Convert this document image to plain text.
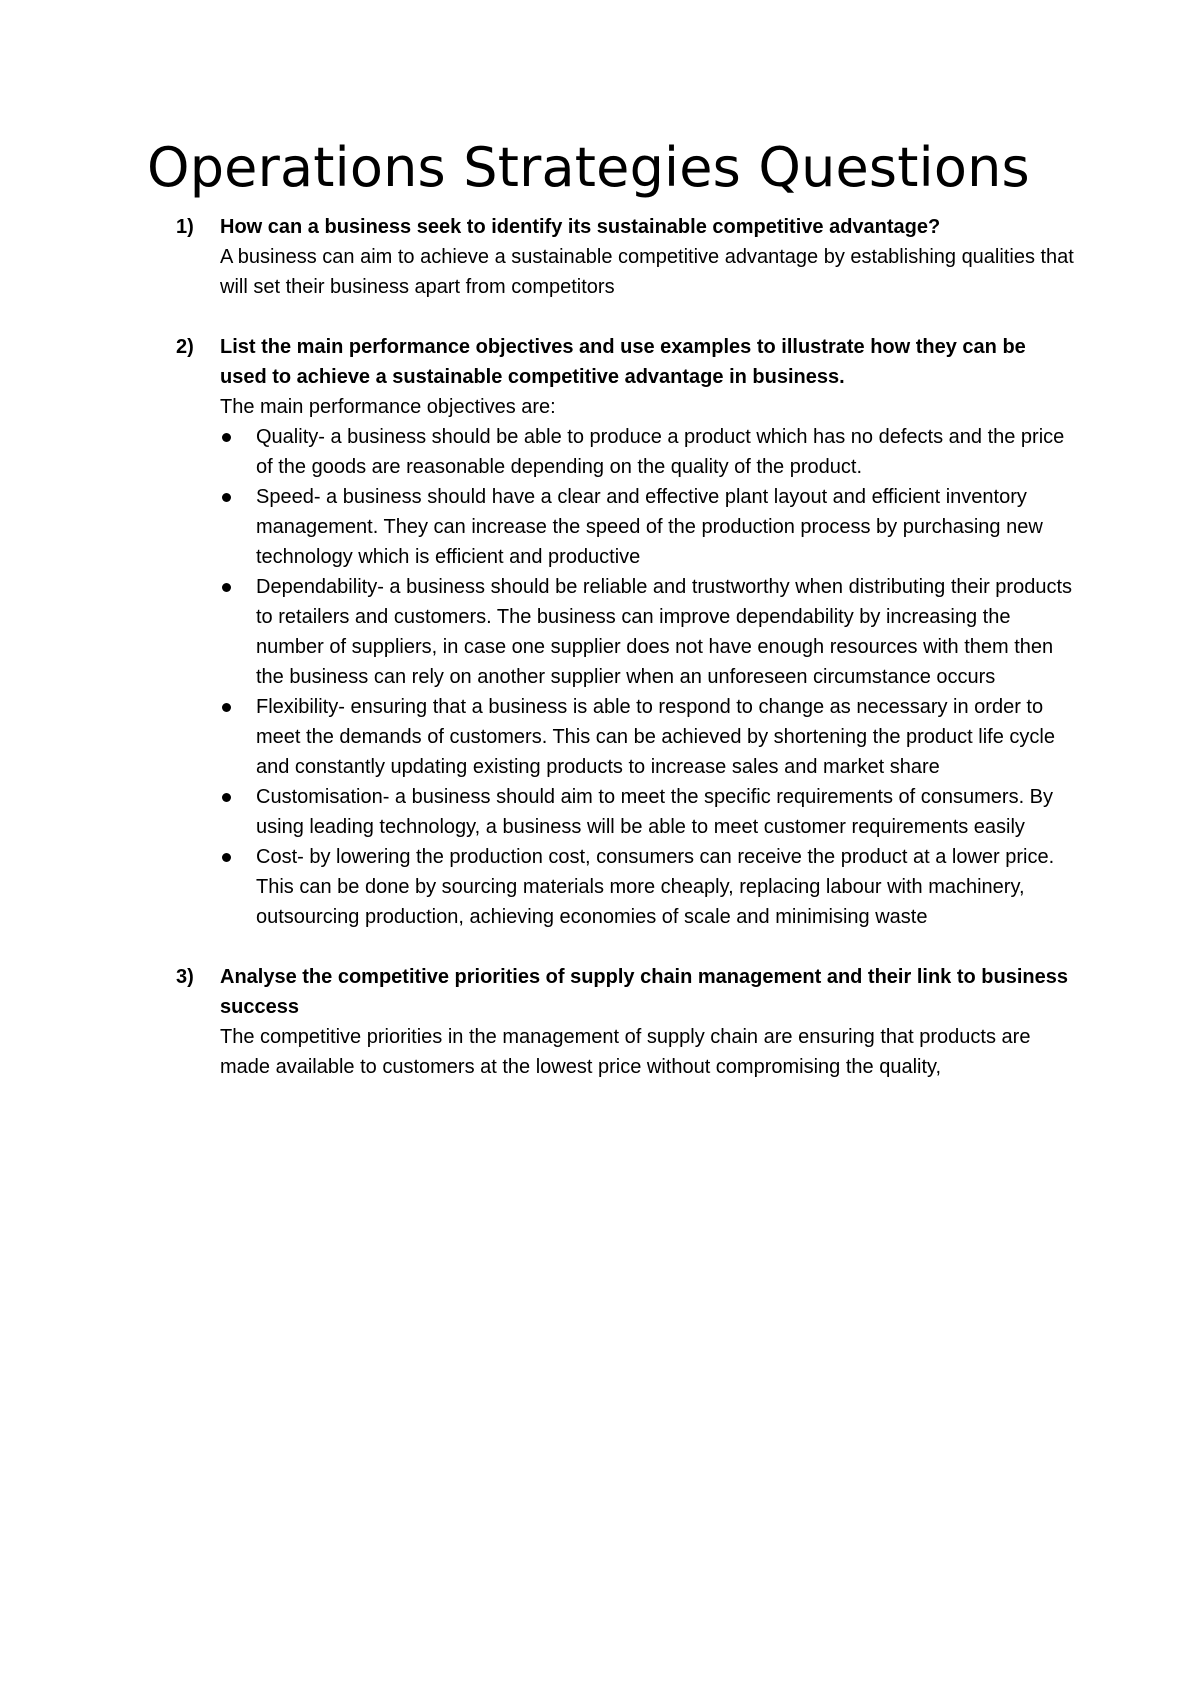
Operations Strategies Questions
1) How can a business seek to identify its sustainable competitive advantage?

A business can aim to achieve a sustainable competitive advantage by establishing qualities that will set their business apart from competitors

2) List the main performance objectives and use examples to illustrate how they can be used to achieve a sustainable competitive advantage in business.

The main performance objectives are:

Quality- a business should be able to produce a product which has no defects and the price of the goods are reasonable depending on the quality of the product.
Speed- a business should have a clear and effective plant layout and efficient inventory management. They can increase the speed of the production process by purchasing new technology which is efficient and productive
Dependability- a business should be reliable and trustworthy when distributing their products to retailers and customers. The business can improve dependability by increasing the number of suppliers, in case one supplier does not have enough resources with them then the business can rely on another supplier when an unforeseen circumstance occurs
Flexibility- ensuring that a business is able to respond to change as necessary in order to meet the demands of customers. This can be achieved by shortening the product life cycle and constantly updating existing products to increase sales and market share
Customisation- a business should aim to meet the specific requirements of consumers. By using leading technology, a business will be able to meet customer requirements easily
Cost- by lowering the production cost, consumers can receive the product at a lower price. This can be done by sourcing materials more cheaply, replacing labour with machinery, outsourcing production, achieving economies of scale and minimising waste
3) Analyse the competitive priorities of supply chain management and their link to business success

The competitive priorities in the management of supply chain are ensuring that products are made available to customers at the lowest price without compromising the quality,
